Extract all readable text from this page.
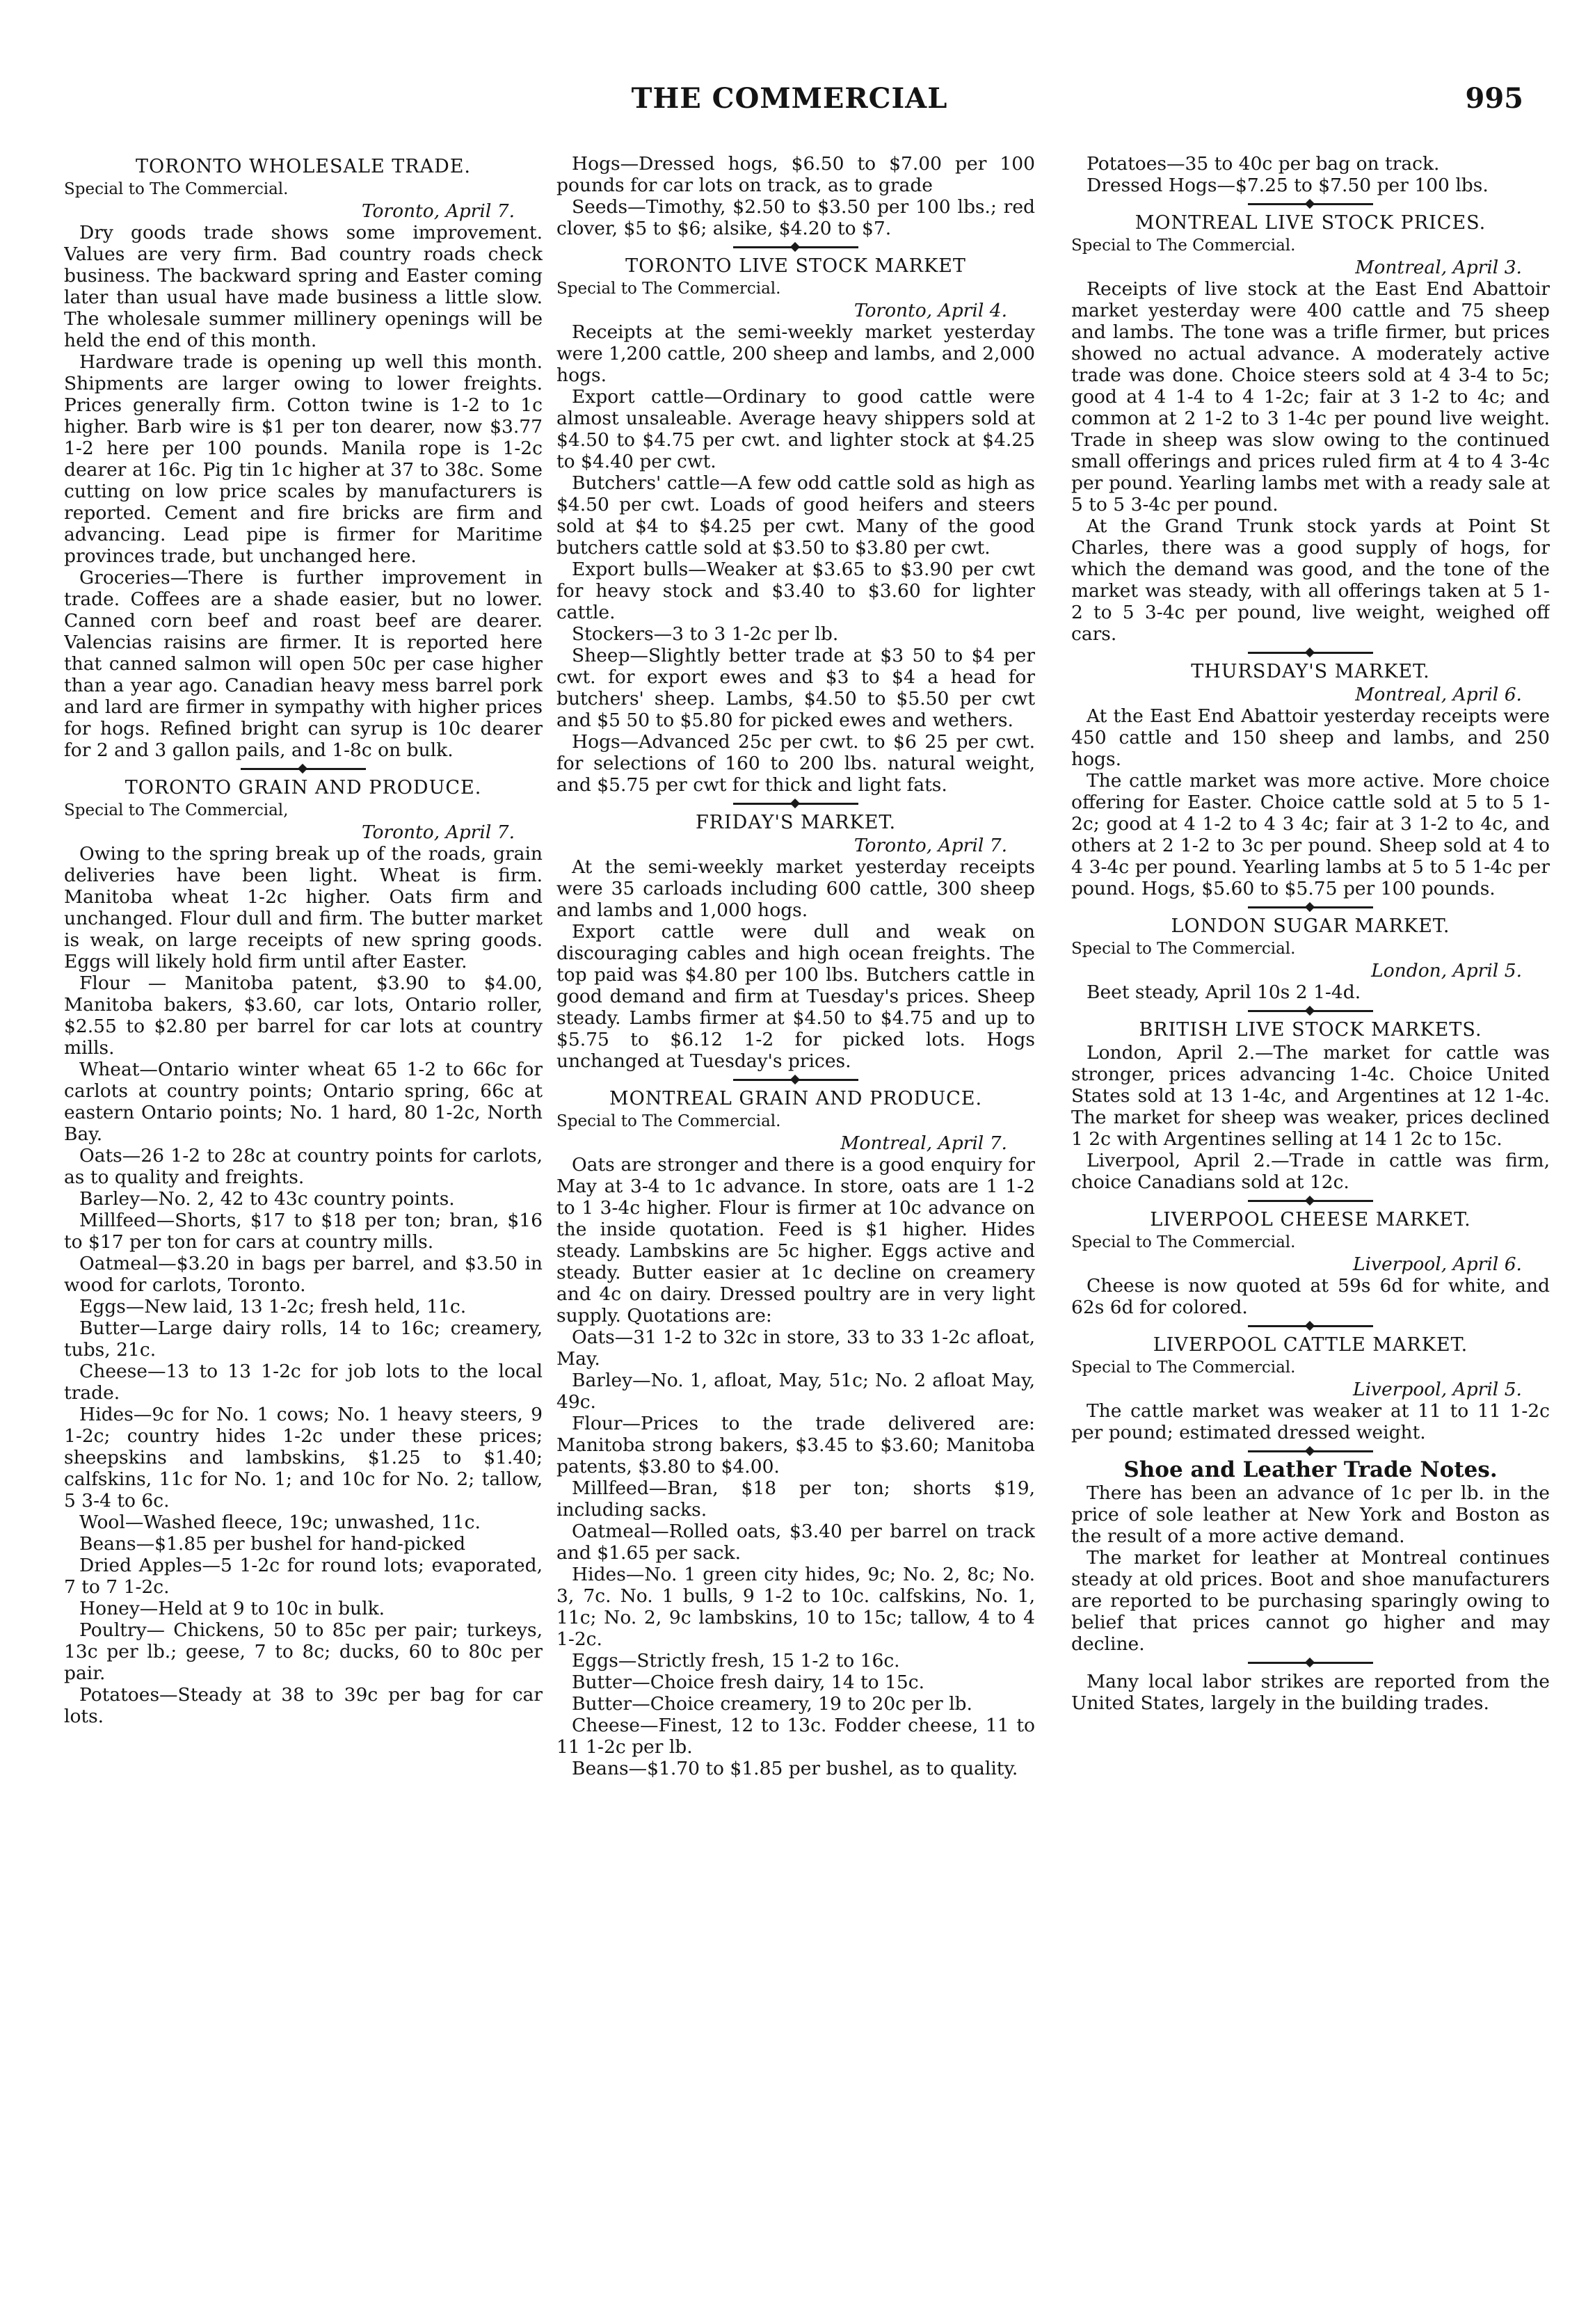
THE COMMERCIAL	995
TORONTO WHOLESALE TRADE.
Special to The Commercial.
Toronto, April 7.

Dry goods trade shows some improvement. Values are very firm. Bad country roads check business. The backward spring and Easter coming later than usual have made business a little slow. The wholesale summer millinery openings will be held the end of this month.

Hardware trade is opening up well this month. Shipments are larger owing to lower freights. Prices generally firm. Cotton twine is 1-2 to 1c higher. Barb wire is $1 per ton dearer, now $3.77 1-2 here per 100 pounds. Manila rope is 1-2c dearer at 16c. Pig tin 1c higher at 37 to 38c. Some cutting on low price scales by manufacturers is reported. Cement and fire bricks are firm and advancing. Lead pipe is firmer for Maritime provinces trade, but unchanged here.

Groceries—There is further improvement in trade. Coffees are a shade easier, but no lower. Canned corn beef and roast beef are dearer. Valencias raisins are firmer. It is reported here that canned salmon will open 50c per case higher than a year ago. Canadian heavy mess barrel pork and lard are firmer in sympathy with higher prices for hogs. Refined bright can syrup is 10c dearer for 2 and 3 gallon pails, and 1-8c on bulk.

TORONTO GRAIN AND PRODUCE.
Special to The Commercial,
Toronto, April 7.

Owing to the spring break up of the roads, grain deliveries have been light. Wheat is firm. Manitoba wheat 1-2c higher. Oats firm and unchanged. Flour dull and firm. The butter market is weak, on large receipts of new spring goods. Eggs will likely hold firm until after Easter.

Flour — Manitoba patent, $3.90 to $4.00, Manitoba bakers, $3.60, car lots, Ontario roller, $2.55 to $2.80 per barrel for car lots at country mills.

Wheat—Ontario winter wheat 65 1-2 to 66c for carlots at country points; Ontario spring, 66c at eastern Ontario points; No. 1 hard, 80 1-2c, North Bay.

Oats—26 1-2 to 28c at country points for carlots, as to quality and freights.

Barley—No. 2, 42 to 43c country points.

Millfeed—Shorts, $17 to $18 per ton; bran, $16 to $17 per ton for cars at country mills.

Oatmeal—$3.20 in bags per barrel, and $3.50 in wood for carlots, Toronto.

Eggs—New laid, 13 1-2c; fresh held, 11c.

Butter—Large dairy rolls, 14 to 16c; creamery, tubs, 21c.

Cheese—13 to 13 1-2c for job lots to the local trade.

Hides—9c for No. 1 cows; No. 1 heavy steers, 9 1-2c; country hides 1-2c under these prices; sheepskins and lambskins, $1.25 to $1.40; calfskins, 11c for No. 1; and 10c for No. 2; tallow, 5 3-4 to 6c.

Wool—Washed fleece, 19c; unwashed, 11c.

Beans—$1.85 per bushel for hand-picked

Dried Apples—5 1-2c for round lots; evaporated, 7 to 7 1-2c.

Honey—Held at 9 to 10c in bulk.

Poultry— Chickens, 50 to 85c per pair; turkeys, 13c per lb.; geese, 7 to 8c; ducks, 60 to 80c per pair.

Potatoes—Steady at 38 to 39c per bag for car lots.

Hogs—Dressed hogs, $6.50 to $7.00 per 100 pounds for car lots on track, as to grade

Seeds—Timothy, $2.50 to $3.50 per 100 lbs.; red clover, $5 to $6; alsike, $4.20 to $7.

TORONTO LIVE STOCK MARKET
Special to The Commercial.
Toronto, April 4.

Receipts at the semi-weekly market yesterday were 1,200 cattle, 200 sheep and lambs, and 2,000 hogs.

Export cattle—Ordinary to good cattle were almost unsaleable. Average heavy shippers sold at $4.50 to $4.75 per cwt. and lighter stock at $4.25 to $4.40 per cwt.

Butchers' cattle—A few odd cattle sold as high as $4.50 per cwt. Loads of good heifers and steers sold at $4 to $4.25 per cwt. Many of the good butchers cattle sold at $3.50 to $3.80 per cwt.

Export bulls—Weaker at $3.65 to $3.90 per cwt for heavy stock and $3.40 to $3.60 for lighter cattle.

Stockers—3 to 3 1-2c per lb.

Sheep—Slightly better trade at $3 50 to $4 per cwt. for export ewes and $3 to $4 a head for butchers' sheep. Lambs, $4.50 to $5.50 per cwt and $5 50 to $5.80 for picked ewes and wethers.

Hogs—Advanced 25c per cwt. to $6 25 per cwt. for selections of 160 to 200 lbs. natural weight, and $5.75 per cwt for thick and light fats.

FRIDAY'S MARKET.
Toronto, April 7.

At the semi-weekly market yesterday receipts were 35 carloads including 600 cattle, 300 sheep and lambs and 1,000 hogs.

Export cattle were dull and weak on discouraging cables and high ocean freights. The top paid was $4.80 per 100 lbs. Butchers cattle in good demand and firm at Tuesday's prices. Sheep steady. Lambs firmer at $4.50 to $4.75 and up to $5.75 to $6.12 1-2 for picked lots. Hogs unchanged at Tuesday's prices.

MONTREAL GRAIN AND PRODUCE.
Special to The Commercial.
Montreal, April 7.

Oats are stronger and there is a good enquiry for May at 3-4 to 1c advance. In store, oats are 1 1-2 to 1 3-4c higher. Flour is firmer at 10c advance on the inside quotation. Feed is $1 higher. Hides steady. Lambskins are 5c higher. Eggs active and steady. Butter easier at 1c decline on creamery and 4c on dairy. Dressed poultry are in very light supply. Quotations are:

Oats—31 1-2 to 32c in store, 33 to 33 1-2c afloat, May.

Barley—No. 1, afloat, May, 51c; No. 2 afloat May, 49c.

Flour—Prices to the trade delivered are: Manitoba strong bakers, $3.45 to $3.60; Manitoba patents, $3.80 to $4.00.

Millfeed—Bran, $18 per ton; shorts $19, including sacks.

Oatmeal—Rolled oats, $3.40 per barrel on track and $1.65 per sack.

Hides—No. 1 green city hides, 9c; No. 2, 8c; No. 3, 7c. No. 1 bulls, 9 1-2 to 10c. calfskins, No. 1, 11c; No. 2, 9c lambskins, 10 to 15c; tallow, 4 to 4 1-2c.

Eggs—Strictly fresh, 15 1-2 to 16c.

Butter—Choice fresh dairy, 14 to 15c.

Butter—Choice creamery, 19 to 20c per lb.

Cheese—Finest, 12 to 13c. Fodder cheese, 11 to 11 1-2c per lb.

Beans—$1.70 to $1.85 per bushel, as to quality.

Potatoes—35 to 40c per bag on track.

Dressed Hogs—$7.25 to $7.50 per 100 lbs.

MONTREAL LIVE STOCK PRICES.
Special to The Commercial.
Montreal, April 3.

Receipts of live stock at the East End Abattoir market yesterday were 400 cattle and 75 sheep and lambs. The tone was a trifle firmer, but prices showed no actual advance. A moderately active trade was done. Choice steers sold at 4 3-4 to 5c; good at 4 1-4 to 4 1-2c; fair at 3 1-2 to 4c; and common at 2 1-2 to 3 1-4c per pound live weight. Trade in sheep was slow owing to the continued small offerings and prices ruled firm at 4 to 4 3-4c per pound. Yearling lambs met with a ready sale at 5 to 5 3-4c per pound.

At the Grand Trunk stock yards at Point St Charles, there was a good supply of hogs, for which the demand was good, and the tone of the market was steady, with all offerings taken at 5 1-2 to 5 3-4c per pound, live weight, weighed off cars.

THURSDAY'S MARKET.
Montreal, April 6.

At the East End Abattoir yesterday receipts were 450 cattle and 150 sheep and lambs, and 250 hogs.

The cattle market was more active. More choice offering for Easter. Choice cattle sold at 5 to 5 1-2c; good at 4 1-2 to 4 3 4c; fair at 3 1-2 to 4c, and others at 2 1-2 to 3c per pound. Sheep sold at 4 to 4 3-4c per pound. Yearling lambs at 5 to 5 1-4c per pound. Hogs, $5.60 to $5.75 per 100 pounds.

LONDON SUGAR MARKET.
Special to The Commercial.
London, April 5.

Beet steady, April 10s 2 1-4d.

BRITISH LIVE STOCK MARKETS.

London, April 2.—The market for cattle was stronger, prices advancing 1-4c. Choice United States sold at 13 1-4c, and Argentines at 12 1-4c. The market for sheep was weaker, prices declined 1 2c with Argentines selling at 14 1 2c to 15c.

Liverpool, April 2.—Trade in cattle was firm, choice Canadians sold at 12c.

LIVERPOOL CHEESE MARKET.
Special to The Commercial.
Liverpool, April 6.

Cheese is now quoted at 59s 6d for white, and 62s 6d for colored.

LIVERPOOL CATTLE MARKET.
Special to The Commercial.
Liverpool, April 5.

The cattle market was weaker at 11 to 11 1-2c per pound; estimated dressed weight.

Shoe and Leather Trade Notes.

There has been an advance of 1c per lb. in the price of sole leather at New York and Boston as the result of a more active demand.

The market for leather at Montreal continues steady at old prices. Boot and shoe manufacturers are reported to be purchasing sparingly owing to belief that prices cannot go higher and may decline.

Many local labor strikes are reported from the United States, largely in the building trades.
